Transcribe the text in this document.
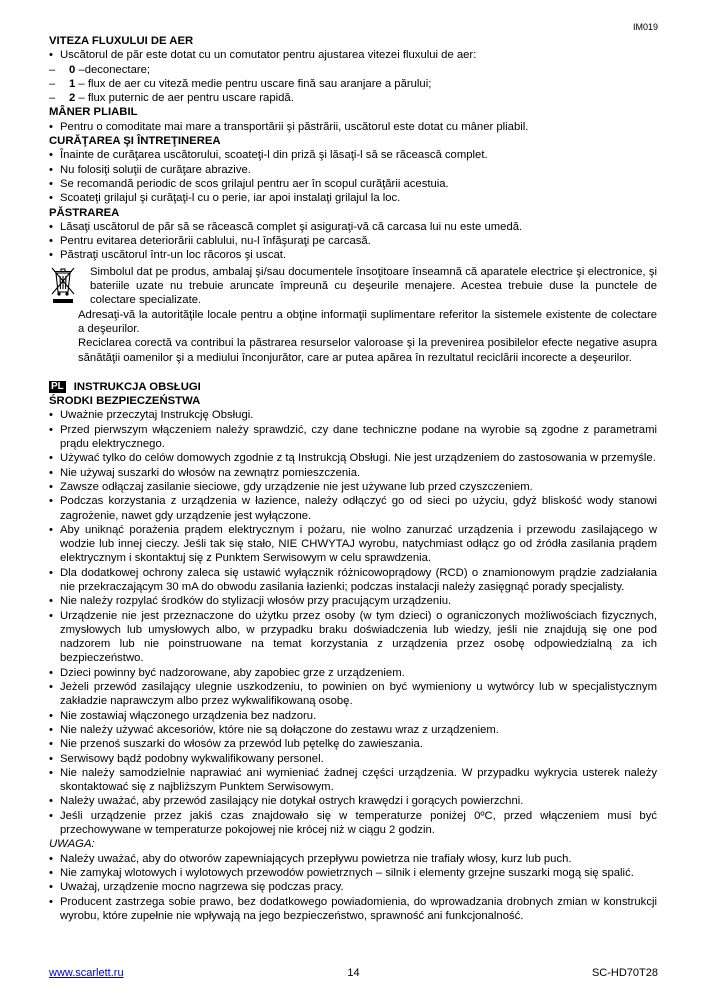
IM019

VITEZA FLUXULUI DE AER

• Uscătorul de păr este dotat cu un comutator pentru ajustarea vitezei fluxului de aer:

– 0 –deconectare;

– 1 – flux de aer cu viteză medie pentru uscare fină sau aranjare a părului;

– 2 – flux puternic de aer pentru uscare rapidă.

MÂNER PLIABIL

• Pentru o comoditate mai mare a transportării şi păstrării, uscătorul este dotat cu mâner pliabil.

CURĂŢAREA ŞI ÎNTREŢINEREA

• Înainte de curăţarea uscătorului, scoateţi-l din priză şi lăsaţi-l să se răcească complet.

• Nu folosiţi soluţii de curăţare abrazive.

• Se recomandă periodic de scos grilajul pentru aer în scopul curăţării acestuia.

• Scoateţi grilajul şi curăţaţi-l cu o perie, iar apoi instalaţi grilajul la loc.

PĂSTRAREA

• Lăsaţi uscătorul de păr să se răcească complet şi asiguraţi-vă că carcasa lui nu este umedă.

• Pentru evitarea deteriorării cablului, nu-l înfăşuraţi pe carcasă.

• Păstraţi uscătorul într-un loc răcoros şi uscat.

Simbolul dat pe produs, ambalaj şi/sau documentele însoţitoare înseamnă că aparatele electrice şi electronice, şi bateriile uzate nu trebuie aruncate împreună cu deşeurile menajere. Acestea trebuie duse la punctele de colectare specializate.

Adresaţi-vă la autorităţile locale pentru a obţine informaţii suplimentare referitor la sistemele existente de colectare a deşeurilor.

Reciclarea corectă va contribui la păstrarea resurselor valoroase şi la prevenirea posibilelor efecte negative asupra sănătăţii oamenilor şi a mediului înconjurător, care ar putea apărea în rezultatul reciclării incorecte a deşeurilor.

PL INSTRUKCJA OBSŁUGI

ŚRODKI BEZPIECZEŃSTWA

• Uważnie przeczytaj Instrukcję Obsługi.

• Przed pierwszym włączeniem należy sprawdzić, czy dane techniczne podane na wyrobie są zgodne z parametrami prądu elektrycznego.

• Używać tylko do celów domowych zgodnie z tą Instrukcją Obsługi. Nie jest urządzeniem do zastosowania w przemyśle.

• Nie używaj suszarki do włosów na zewnątrz pomieszczenia.

• Zawsze odłączaj zasilanie sieciowe, gdy urządzenie nie jest używane lub przed czyszczeniem.

• Podczas korzystania z urządzenia w łazience, należy odłączyć go od sieci po użyciu, gdyż bliskość wody stanowi zagrożenie, nawet gdy urządzenie jest wyłączone.

• Aby uniknąć porażenia prądem elektrycznym i pożaru, nie wolno zanurzać urządzenia i przewodu zasilającego w wodzie lub innej cieczy. Jeśli tak się stało, NIE CHWYTAJ wyrobu, natychmiast odłącz go od źródła zasilania prądem elektrycznym i skontaktuj się z Punktem Serwisowym w celu sprawdzenia.

• Dla dodatkowej ochrony zaleca się ustawić wyłącznik różnicowoprądowy (RCD) o znamionowym prądzie zadziałania nie przekraczającym 30 mA do obwodu zasilania łazienki; podczas instalacji należy zasięgnąć porady specjalisty.

• Nie należy rozpylać środków do stylizacji włosów przy pracującym urządzeniu.

• Urządzenie nie jest przeznaczone do użytku przez osoby (w tym dzieci) o ograniczonych możliwościach fizycznych, zmysłowych lub umysłowych albo, w przypadku braku doświadczenia lub wiedzy, jeśli nie znajdują się one pod nadzorem lub nie poinstruowane na temat korzystania z urządzenia przez osobę odpowiedzialną za ich bezpieczeństwo.

• Dzieci powinny być nadzorowane, aby zapobiec grze z urządzeniem.

• Jeżeli przewód zasilający ulegnie uszkodzeniu, to powinien on być wymieniony u wytwórcy lub w specjalistycznym zakładzie naprawczym albo przez wykwalifikowaną osobę.

• Nie zostawiaj włączonego urządzenia bez nadzoru.

• Nie należy używać akcesoriów, które nie są dołączone do zestawu wraz z urządzeniem.

• Nie przenoś suszarki do włosów za przewód lub pętelkę do zawieszania.

• Serwisowy bądź podobny wykwalifikowany personel.

• Nie należy samodzielnie naprawiać ani wymieniać żadnej części urządzenia. W przypadku wykrycia usterek należy skontaktować się z najbliższym Punktem Serwisowym.

• Należy uważać, aby przewód zasilający nie dotykał ostrych krawędzi i gorących powierzchni.

• Jeśli urządzenie przez jakiś czas znajdowało się w temperaturze poniżej 0ºC, przed włączeniem musi być przechowywane w temperaturze pokojowej nie krócej niż w ciągu 2 godzin.

UWAGA:

• Należy uważać, aby do otworów zapewniających przepływu powietrza nie trafiały włosy, kurz lub puch.

• Nie zamykaj wlotowych i wylotowych przewodów powietrznych – silnik i elementy grzejne suszarki mogą się spalić.

• Uważaj, urządzenie mocno nagrzewa się podczas pracy.

• Producent zastrzega sobie prawo, bez dodatkowego powiadomienia, do wprowadzania drobnych zmian w konstrukcji wyrobu, które zupełnie nie wpływają na jego bezpieczeństwo, sprawność ani funkcjonalność.

www.scarlett.ru	14	SC-HD70T28
